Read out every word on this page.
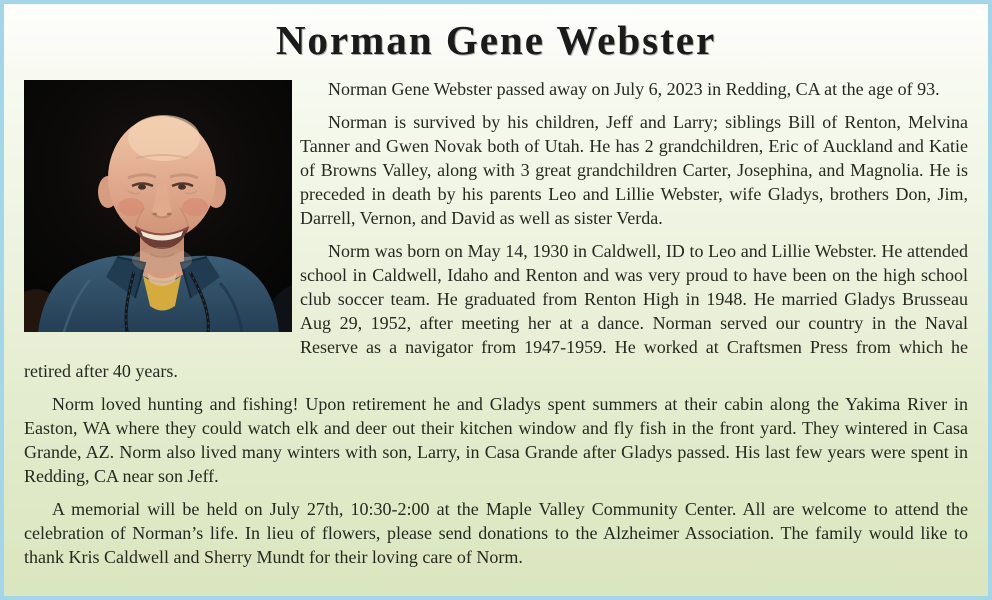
Norman Gene Webster

Norman Gene Webster passed away on July 6, 2023 in Redding, CA at the age of 93.

Norman is survived by his children, Jeff and Larry; siblings Bill of Renton, Melvina Tanner and Gwen Novak both of Utah. He has 2 grandchildren, Eric of Auckland and Katie of Browns Valley, along with 3 great grandchildren Carter, Josephina, and Magnolia. He is preceded in death by his parents Leo and Lillie Webster, wife Gladys, brothers Don, Jim, Darrell, Vernon, and David as well as sister Verda.

Norm was born on May 14, 1930 in Caldwell, ID to Leo and Lillie Webster. He attended school in Caldwell, Idaho and Renton and was very proud to have been on the high school club soccer team. He graduated from Renton High in 1948. He married Gladys Brusseau Aug 29, 1952, after meeting her at a dance. Norman served our country in the Naval Reserve as a navigator from 1947-1959. He worked at Craftsmen Press from which he retired after 40 years.

Norm loved hunting and fishing! Upon retirement he and Gladys spent summers at their cabin along the Yakima River in Easton, WA where they could watch elk and deer out their kitchen window and fly fish in the front yard. They wintered in Casa Grande, AZ. Norm also lived many winters with son, Larry, in Casa Grande after Gladys passed. His last few years were spent in Redding, CA near son Jeff.

A memorial will be held on July 27th, 10:30-2:00 at the Maple Valley Community Center. All are welcome to attend the celebration of Norman’s life. In lieu of flowers, please send donations to the Alzheimer Association. The family would like to thank Kris Caldwell and Sherry Mundt for their loving care of Norm.
